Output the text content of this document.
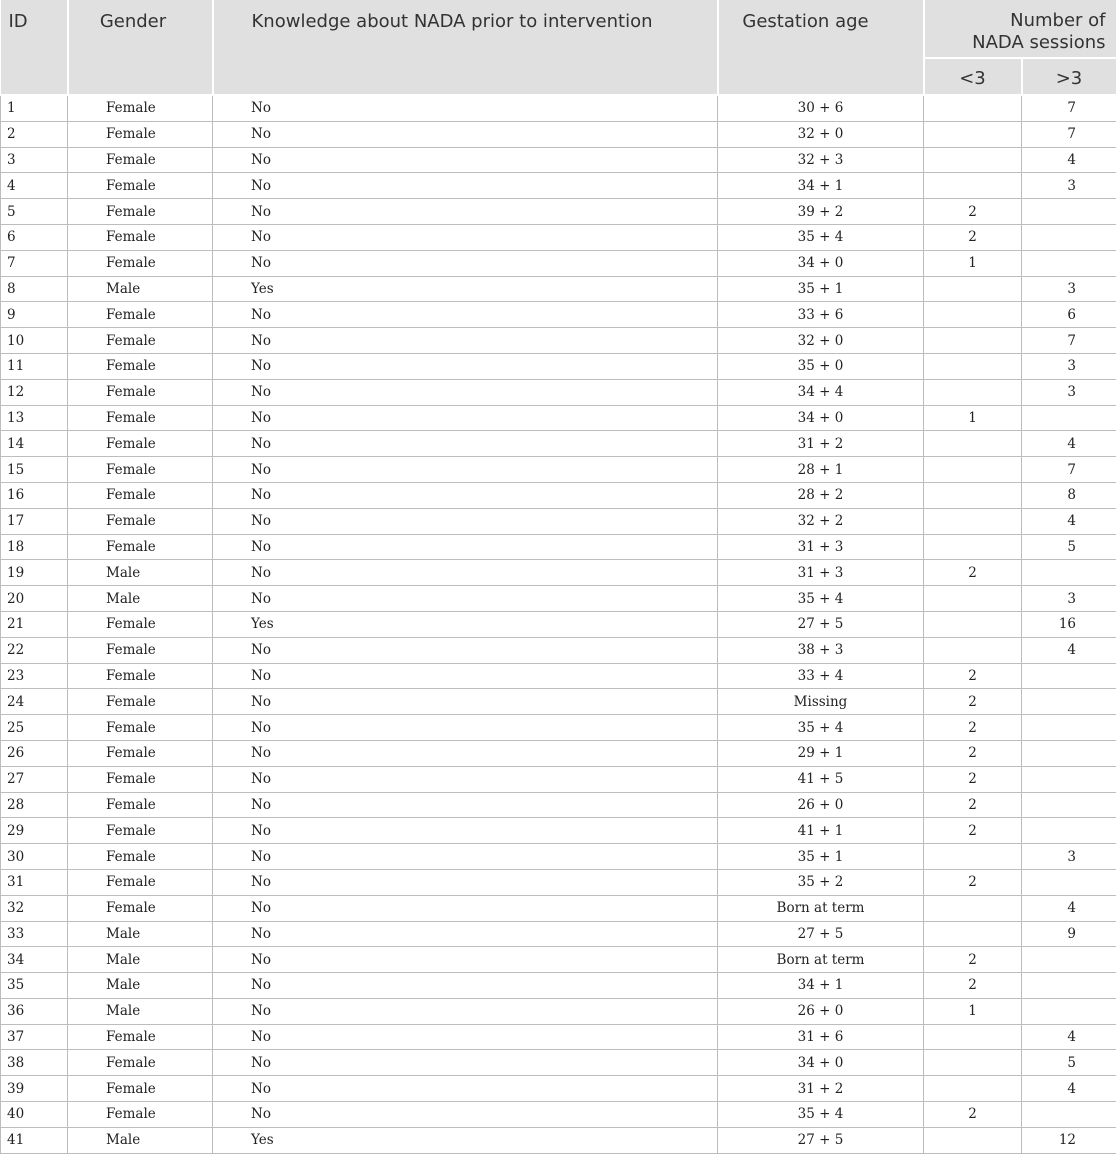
ID	Gender	Knowledge about NADA prior to intervention	Gestation age	Number of
NADA sessions	
				<3	>3
1	Female	No	30 + 6		7
2	Female	No	32 + 0		7
3	Female	No	32 + 3		4
4	Female	No	34 + 1		3
5	Female	No	39 + 2	2	
6	Female	No	35 + 4	2	
7	Female	No	34 + 0	1	
8	Male	Yes	35 + 1		3
9	Female	No	33 + 6		6
10	Female	No	32 + 0		7
11	Female	No	35 + 0		3
12	Female	No	34 + 4		3
13	Female	No	34 + 0	1	
14	Female	No	31 + 2		4
15	Female	No	28 + 1		7
16	Female	No	28 + 2		8
17	Female	No	32 + 2		4
18	Female	No	31 + 3		5
19	Male	No	31 + 3	2	
20	Male	No	35 + 4		3
21	Female	Yes	27 + 5		16
22	Female	No	38 + 3		4
23	Female	No	33 + 4	2	
24	Female	No	Missing	2	
25	Female	No	35 + 4	2	
26	Female	No	29 + 1	2	
27	Female	No	41 + 5	2	
28	Female	No	26 + 0	2	
29	Female	No	41 + 1	2	
30	Female	No	35 + 1		3
31	Female	No	35 + 2	2	
32	Female	No	Born at term		4
33	Male	No	27 + 5		9
34	Male	No	Born at term	2	
35	Male	No	34 + 1	2	
36	Male	No	26 + 0	1	
37	Female	No	31 + 6		4
38	Female	No	34 + 0		5
39	Female	No	31 + 2		4
40	Female	No	35 + 4	2	
41	Male	Yes	27 + 5		12
